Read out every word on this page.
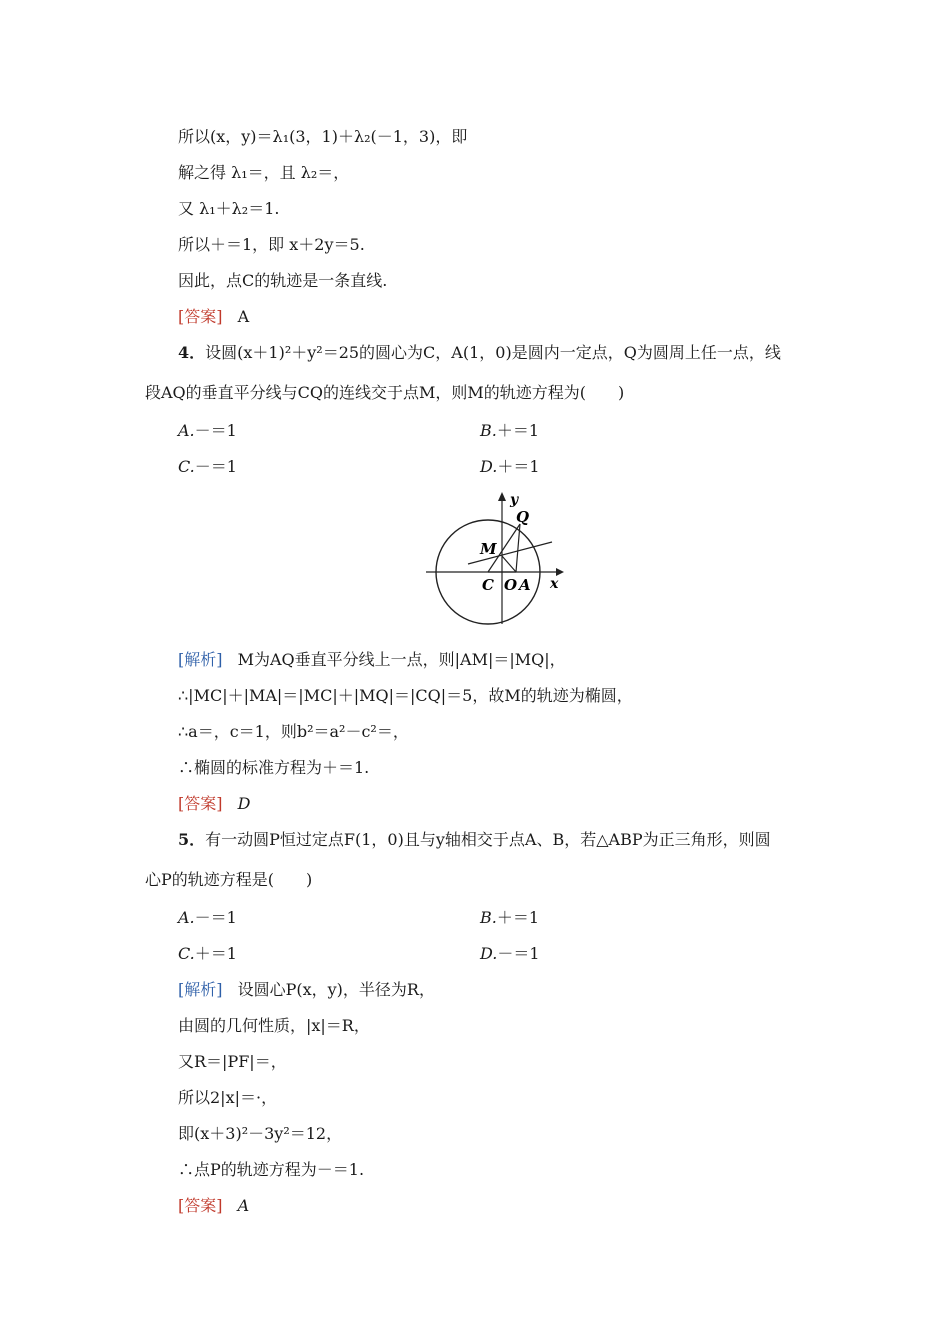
所以(x，y)＝λ₁(3，1)＋λ₂(－1，3)，即
解之得 λ₁＝，且 λ₂＝，
又 λ₁＋λ₂＝1.
所以＋＝1，即 x＋2y＝5.
因此，点C的轨迹是一条直线.
[答案] A
4．设圆(x＋1)²＋y²＝25的圆心为C，A(1，0)是圆内一定点，Q为圆周上任一点，线
段AQ的垂直平分线与CQ的连线交于点M，则M的轨迹方程为(　　)
A.－＝1	B.＋＝1
C.－＝1	D.＋＝1
y
Q
M
C O A x
[解析] M为AQ垂直平分线上一点，则|AM|＝|MQ|，
∴|MC|＋|MA|＝|MC|＋|MQ|＝|CQ|＝5，故M的轨迹为椭圆，
∴a＝，c＝1，则b²＝a²－c²＝，
∴椭圆的标准方程为＋＝1.
[答案] D
5．有一动圆P恒过定点F(1，0)且与y轴相交于点A、B，若△ABP为正三角形，则圆
心P的轨迹方程是(　　)
A.－＝1	B.＋＝1
C.＋＝1	D.－＝1
[解析] 设圆心P(x，y)，半径为R，
由圆的几何性质，|x|＝R，
又R＝|PF|＝，
所以2|x|＝·，
即(x＋3)²－3y²＝12，
∴点P的轨迹方程为－＝1.
[答案] A
